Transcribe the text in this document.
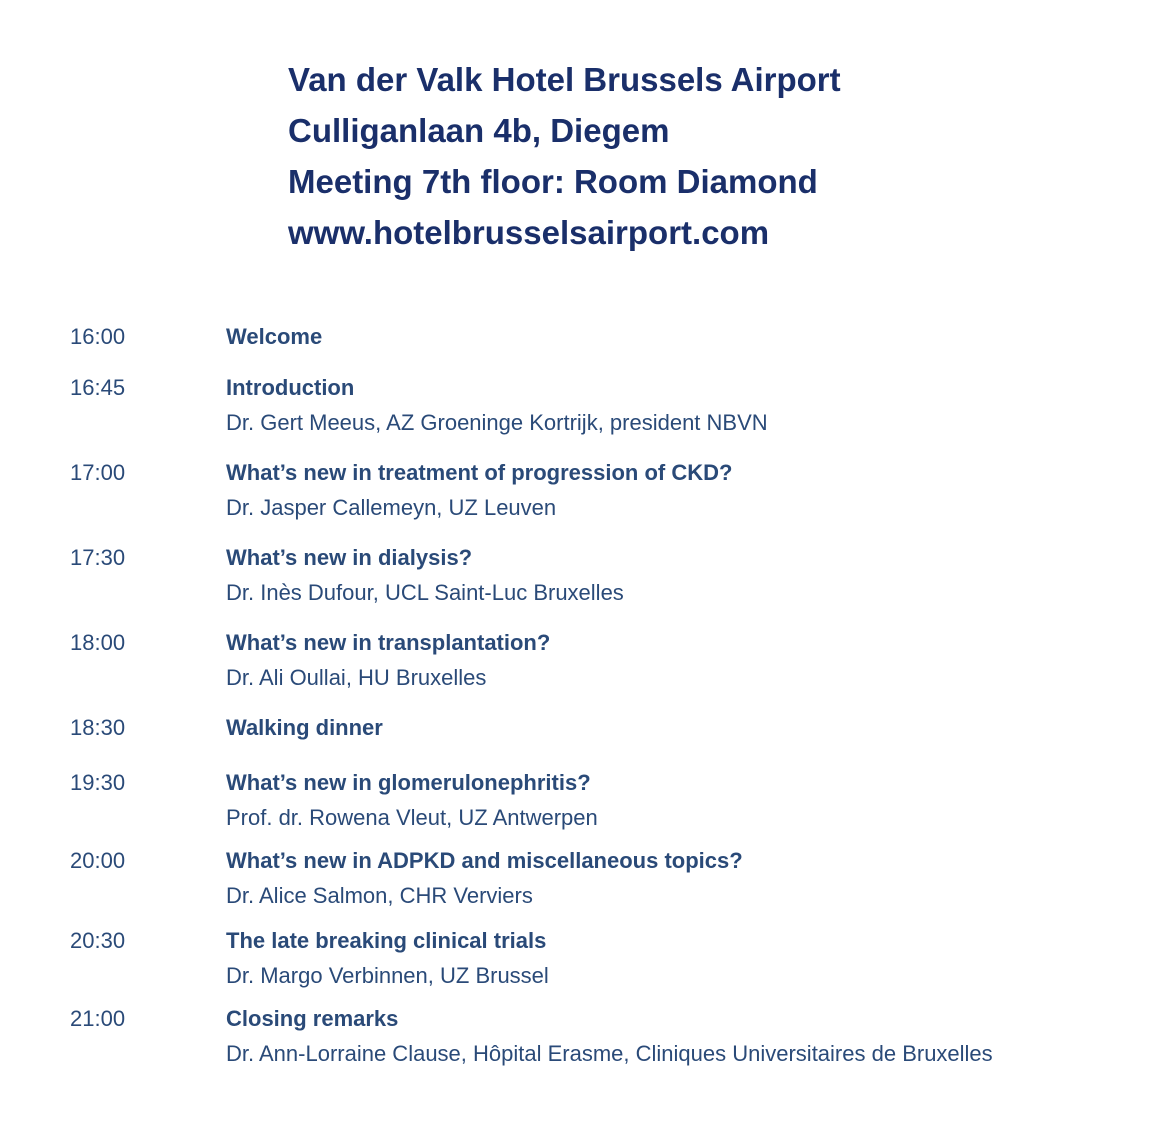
Van der Valk Hotel Brussels Airport
Culliganlaan 4b, Diegem
Meeting 7th floor: Room Diamond
www.hotelbrusselsairport.com
16:00	Welcome
16:45	Introduction
Dr. Gert Meeus, AZ Groeninge Kortrijk, president NBVN
17:00	What’s new in treatment of progression of CKD?
Dr. Jasper Callemeyn, UZ Leuven
17:30	What’s new in dialysis?
Dr. Inès Dufour, UCL Saint-Luc Bruxelles
18:00	What’s new in transplantation?
Dr. Ali Oullai, HU Bruxelles
18:30	Walking dinner
19:30	What’s new in glomerulonephritis?
Prof. dr. Rowena Vleut, UZ Antwerpen
20:00	What’s new in ADPKD and miscellaneous topics?
Dr. Alice Salmon, CHR Verviers
20:30	The late breaking clinical trials
Dr. Margo Verbinnen, UZ Brussel
21:00	Closing remarks
Dr. Ann-Lorraine Clause, Hôpital Erasme, Cliniques Universitaires de Bruxelles
